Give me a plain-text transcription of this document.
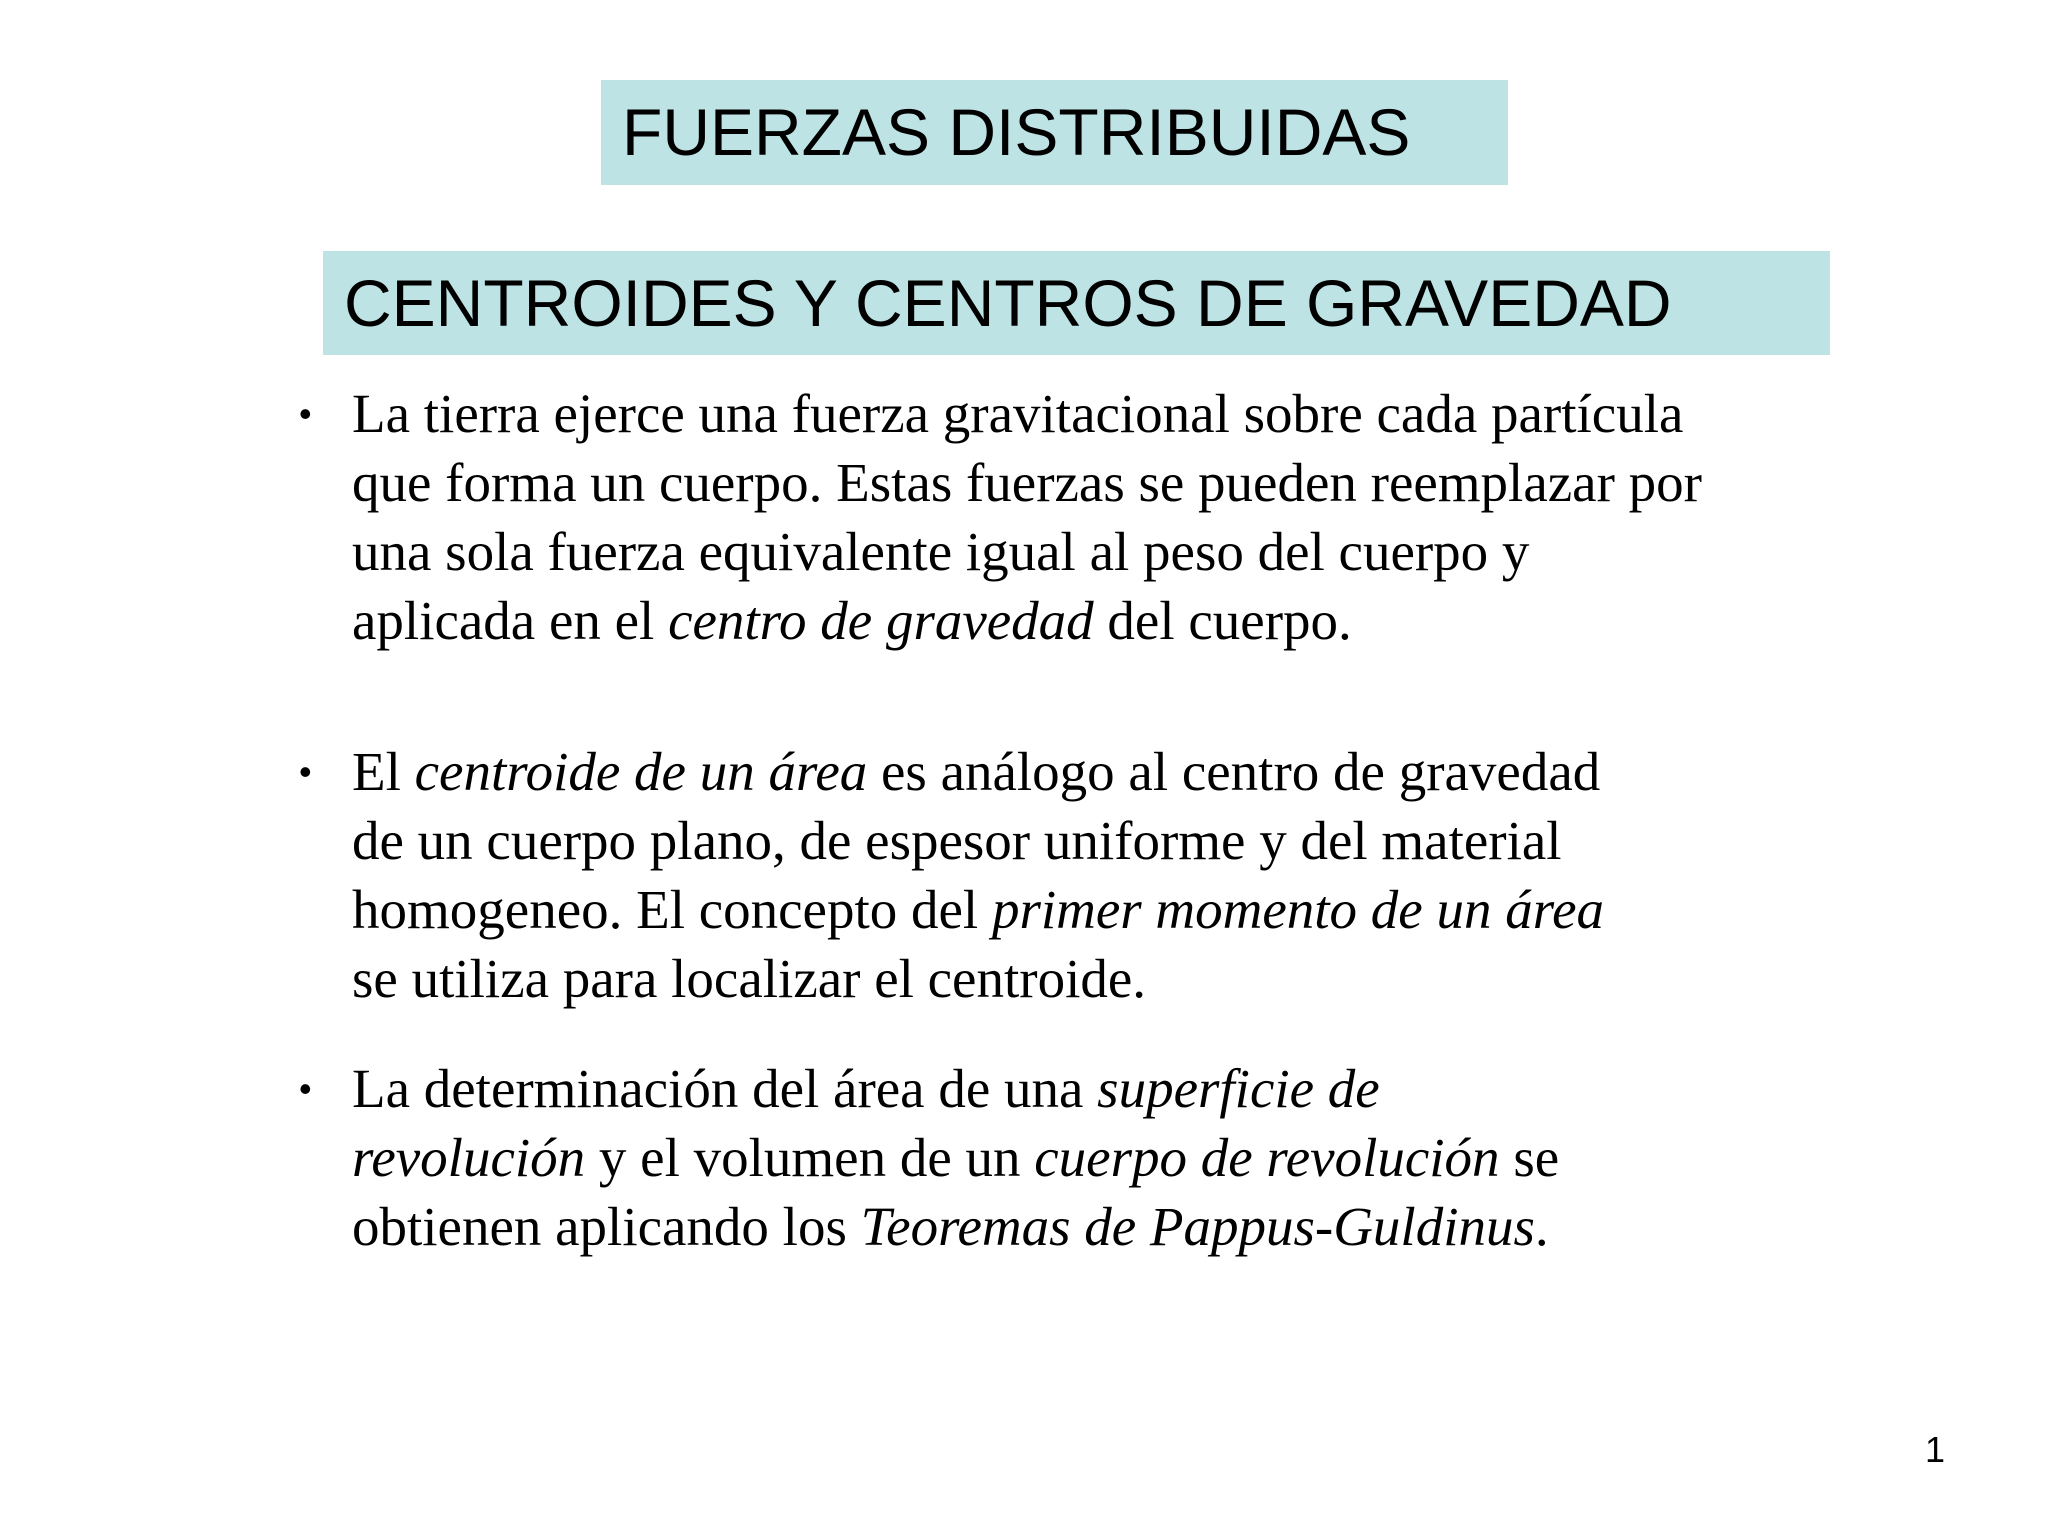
FUERZAS DISTRIBUIDAS
CENTROIDES Y CENTROS DE GRAVEDAD
• La tierra ejerce una fuerza gravitacional sobre cada partícula
que forma un cuerpo. Estas fuerzas se pueden reemplazar por
una sola fuerza equivalente igual al peso del cuerpo y
aplicada en el centro de gravedad del cuerpo.
• El centroide de un área es análogo al centro de gravedad
de un cuerpo plano, de espesor uniforme y del material
homogeneo. El concepto del primer momento de un área
se utiliza para localizar el centroide.
• La determinación del área de una superficie de
revolución y el volumen de un cuerpo de revolución se
obtienen aplicando los Teoremas de Pappus-Guldinus.
1
